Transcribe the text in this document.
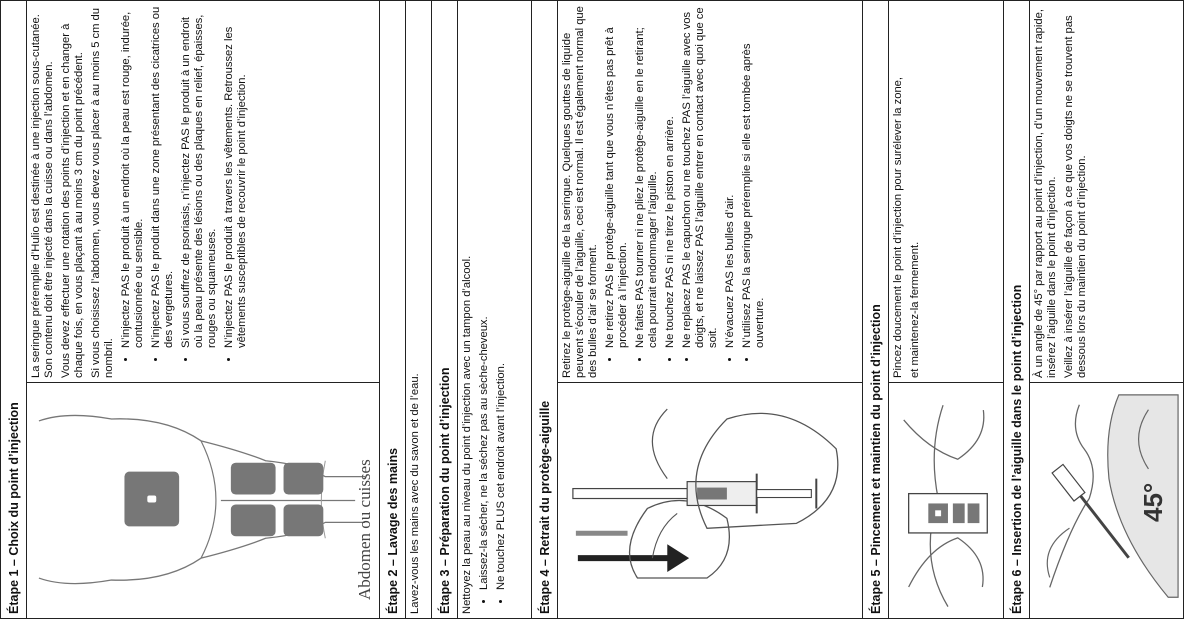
Étape 1 – Choix du point d’injection	Abdomen ou cuisses

La seringue préremplie d’Hulio est destinée à une injection sous-cutanée. Son contenu doit être injecté dans la cuisse ou dans l’abdomen. Vous devez effectuer une rotation des points d’injection et en changer à chaque fois, en vous plaçant à au moins 3 cm du point précédent. Si vous choisissez l’abdomen, vous devez vous placer à au moins 5 cm du nombril.

• N’injectez PAS le produit à un endroit où la peau est rouge, indurée, contusionnée ou sensible. • N’injectez PAS le produit dans une zone présentant des cicatrices ou des vergetures. • Si vous souffrez de psoriasis, n’injectez PAS le produit à un endroit où la peau présente des lésions ou des plaques en relief, épaisses, rouges ou squameuses. • N’injectez PAS le produit à travers les vêtements. Retroussez les vêtements susceptibles de recouvrir le point d’injection.
Étape 2 – Lavage des mains Lavez-vous les mains avec du savon et de l’eau.	Étape 3 – Préparation du point d’injection Nettoyez la peau au niveau du point d’injection avec un tampon d’alcool. • Laissez-la sécher, ne la séchez pas au sèche-cheveux. • Ne touchez PLUS cet endroit avant l’injection.	Étape 4 – Retrait du protège-aiguille

Retirez le protège-aiguille de la seringue. Quelques gouttes de liquide peuvent s’écouler de l’aiguille, ceci est normal. Il est également normal que des bulles d’air se forment. • Ne retirez PAS le protège-aiguille tant que vous n’êtes pas prêt à procéder à l’injection. • Ne faites PAS tourner ni ne pliez le protège-aiguille en le retirant; cela pourrait endommager l’aiguille. • Ne touchez PAS ni ne tirez le piston en arrière. • Ne replacez PAS le capuchon ou ne touchez PAS l’aiguille avec vos doigts, et ne laissez PAS l’aiguille entrer en contact avec quoi que ce soit. • N’évacuez PAS les bulles d’air. • N’utilisez PAS la seringue préremplie si elle est tombée après ouverture.	Étape 5 – Pincement et maintien du point d’injection

Pincez doucement le point d’injection pour surélever la zone, et maintenez-la fermement.	Étape 6 – Insertion de l’aiguille dans le point d’injection	45°

À un angle de 45° par rapport au point d’injection, d’un mouvement rapide, insérez l’aiguille dans le point d’injection. Veillez à insérer l’aiguille de façon à ce que vos doigts ne se trouvent pas dessous lors du maintien du point d’injection.
